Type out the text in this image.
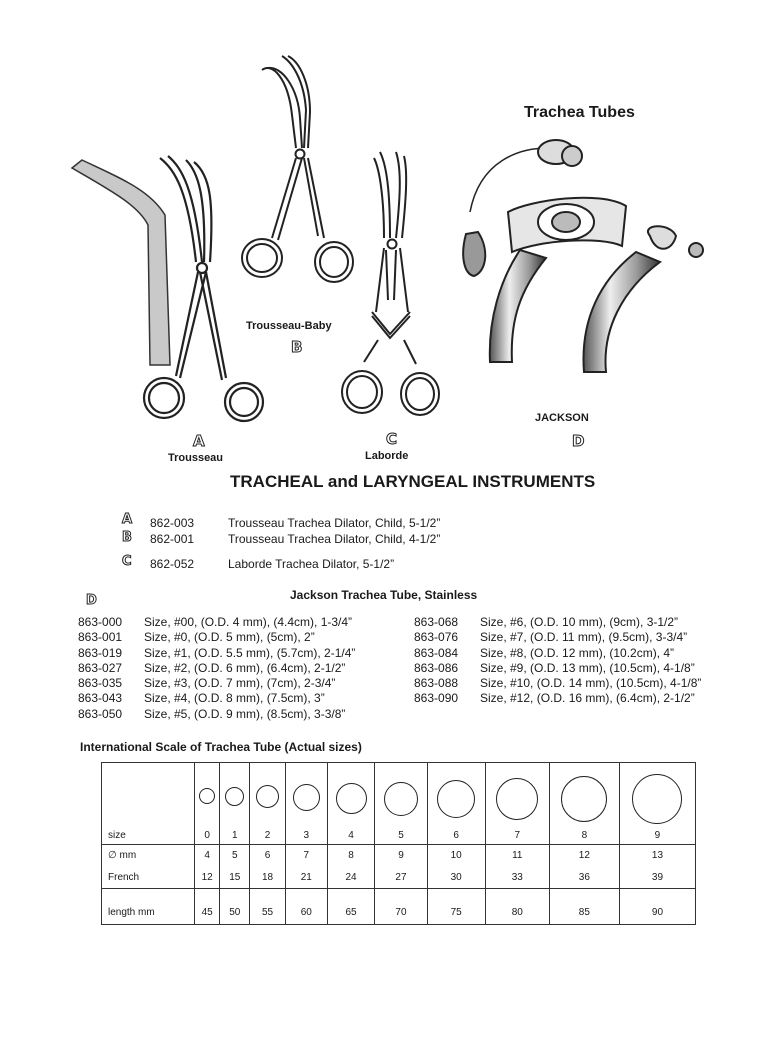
Trachea Tubes
Trousseau-Baby
B
A
Trousseau
C
Laborde
JACKSON
D
TRACHEAL and LARYNGEAL INSTRUMENTS
A 862-003	Trousseau Trachea Dilator, Child, 5-1/2”
B 862-001	Trousseau Trachea Dilator, Child, 4-1/2”
C 862-052	Laborde Trachea Dilator, 5-1/2”
Jackson Trachea Tube, Stainless
D
863-000 Size, #00, (O.D. 4 mm), (4.4cm), 1-3/4”
863-001 Size, #0, (O.D. 5 mm), (5cm), 2”
863-019 Size, #1, (O.D. 5.5 mm), (5.7cm), 2-1/4”
863-027 Size, #2, (O.D. 6 mm), (6.4cm), 2-1/2”
863-035 Size, #3, (O.D. 7 mm), (7cm), 2-3/4”
863-043 Size, #4, (O.D. 8 mm), (7.5cm), 3”
863-050 Size, #5, (O.D. 9 mm), (8.5cm), 3-3/8”
863-068 Size, #6, (O.D. 10 mm), (9cm), 3-1/2”
863-076 Size, #7, (O.D. 11 mm), (9.5cm), 3-3/4”
863-084 Size, #8, (O.D. 12 mm), (10.2cm), 4”
863-086 Size, #9, (O.D. 13 mm), (10.5cm), 4-1/8”
863-088 Size, #10, (O.D. 14 mm), (10.5cm), 4-1/8”
863-090 Size, #12, (O.D. 16 mm), (6.4cm), 2-1/2”
International Scale of Trachea Tube (Actual sizes)
size	0	1	2	3	4	5	6	7	8	9
∅ mm	4	5	6	7	8	9	10	11	12	13
French	12	15	18	21	24	27	30	33	36	39
length mm	45	50	55	60	65	70	75	80	85	90
